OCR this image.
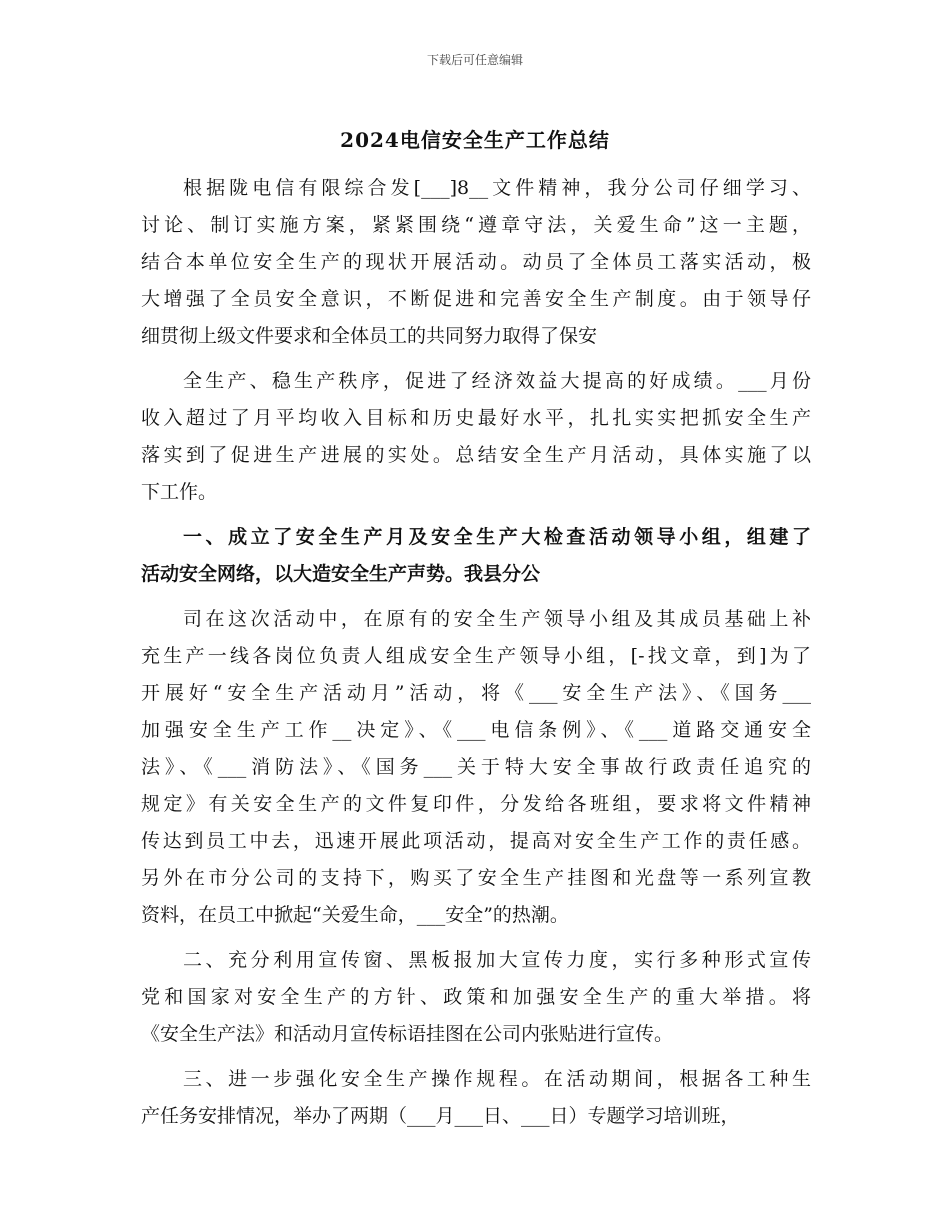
下载后可任意编辑
2024电信安全生产工作总结
根据陇电信有限综合发[___]8__文件精神，我分公司仔细学习、
讨论、制订实施方案，紧紧围绕“遵章守法，关爱生命”这一主题，
结合本单位安全生产的现状开展活动。动员了全体员工落实活动，极
大增强了全员安全意识，不断促进和完善安全生产制度。由于领导仔
细贯彻上级文件要求和全体员工的共同努力取得了保安
全生产、稳生产秩序，促进了经济效益大提高的好成绩。___月份
收入超过了月平均收入目标和历史最好水平，扎扎实实把抓安全生产
落实到了促进生产进展的实处。总结安全生产月活动，具体实施了以
下工作。
一、成立了安全生产月及安全生产大检查活动领导小组，组建了
活动安全网络，以大造安全生产声势。我县分公
司在这次活动中，在原有的安全生产领导小组及其成员基础上补
充生产一线各岗位负责人组成安全生产领导小组，[-找文章，到]为了
开展好“安全生产活动月”活动，将《___安全生产法》、《国务___
加强安全生产工作__决定》、《___电信条例》、《___道路交通安全
法》、《___消防法》、《国务___关于特大安全事故行政责任追究的
规定》有关安全生产的文件复印件，分发给各班组，要求将文件精神
传达到员工中去，迅速开展此项活动，提高对安全生产工作的责任感。
另外在市分公司的支持下，购买了安全生产挂图和光盘等一系列宣教
资料，在员工中掀起“关爱生命，___安全”的热潮。
二、充分利用宣传窗、黑板报加大宣传力度，实行多种形式宣传
党和国家对安全生产的方针、政策和加强安全生产的重大举措。将
《安全生产法》和活动月宣传标语挂图在公司内张贴进行宣传。
三、进一步强化安全生产操作规程。在活动期间，根据各工种生
产任务安排情况，举办了两期（___月___日、___日）专题学习培训班，
